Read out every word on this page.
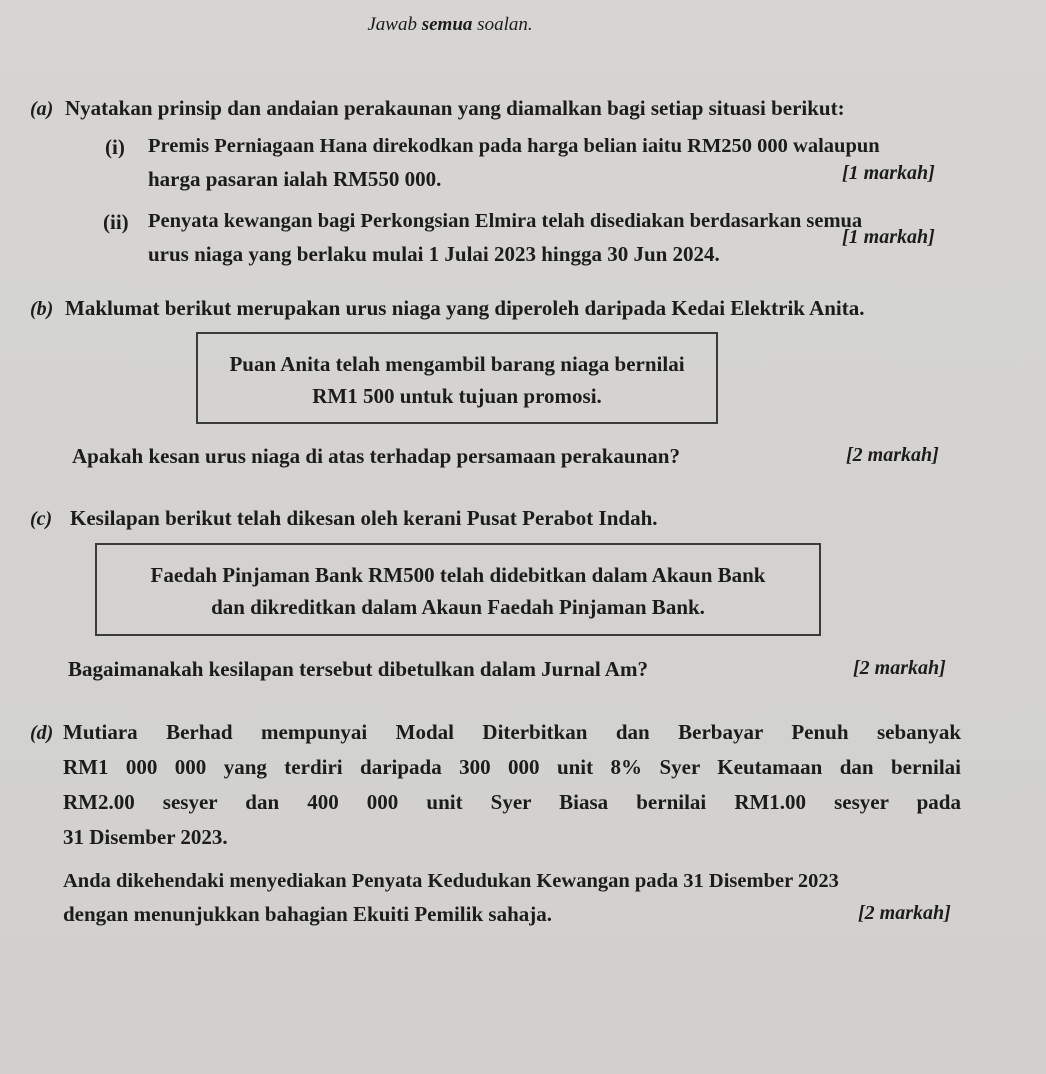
Jawab semua soalan.
(a) Nyatakan prinsip dan andaian perakaunan yang diamalkan bagi setiap situasi berikut:
(i) Premis Perniagaan Hana direkodkan pada harga belian iaitu RM250 000 walaupun
harga pasaran ialah RM550 000.	[1 markah]
(ii) Penyata kewangan bagi Perkongsian Elmira telah disediakan berdasarkan semua
urus niaga yang berlaku mulai 1 Julai 2023 hingga 30 Jun 2024.
[1 markah]
(b) Maklumat berikut merupakan urus niaga yang diperoleh daripada Kedai Elektrik Anita.
Puan Anita telah mengambil barang niaga bernilai
RM1 500 untuk tujuan promosi.
Apakah kesan urus niaga di atas terhadap persamaan perakaunan?	[2 markah]
(c) Kesilapan berikut telah dikesan oleh kerani Pusat Perabot Indah.
Faedah Pinjaman Bank RM500 telah didebitkan dalam Akaun Bank
dan dikreditkan dalam Akaun Faedah Pinjaman Bank.
Bagaimanakah kesilapan tersebut dibetulkan dalam Jurnal Am?	[2 markah]
(d) Mutiara Berhad mempunyai Modal Diterbitkan dan Berbayar Penuh sebanyak
RM1 000 000 yang terdiri daripada 300 000 unit 8% Syer Keutamaan dan bernilai
RM2.00 sesyer dan 400 000 unit Syer Biasa bernilai RM1.00 sesyer pada
31 Disember 2023.
Anda dikehendaki menyediakan Penyata Kedudukan Kewangan pada 31 Disember 2023
dengan menunjukkan bahagian Ekuiti Pemilik sahaja.	[2 markah]
